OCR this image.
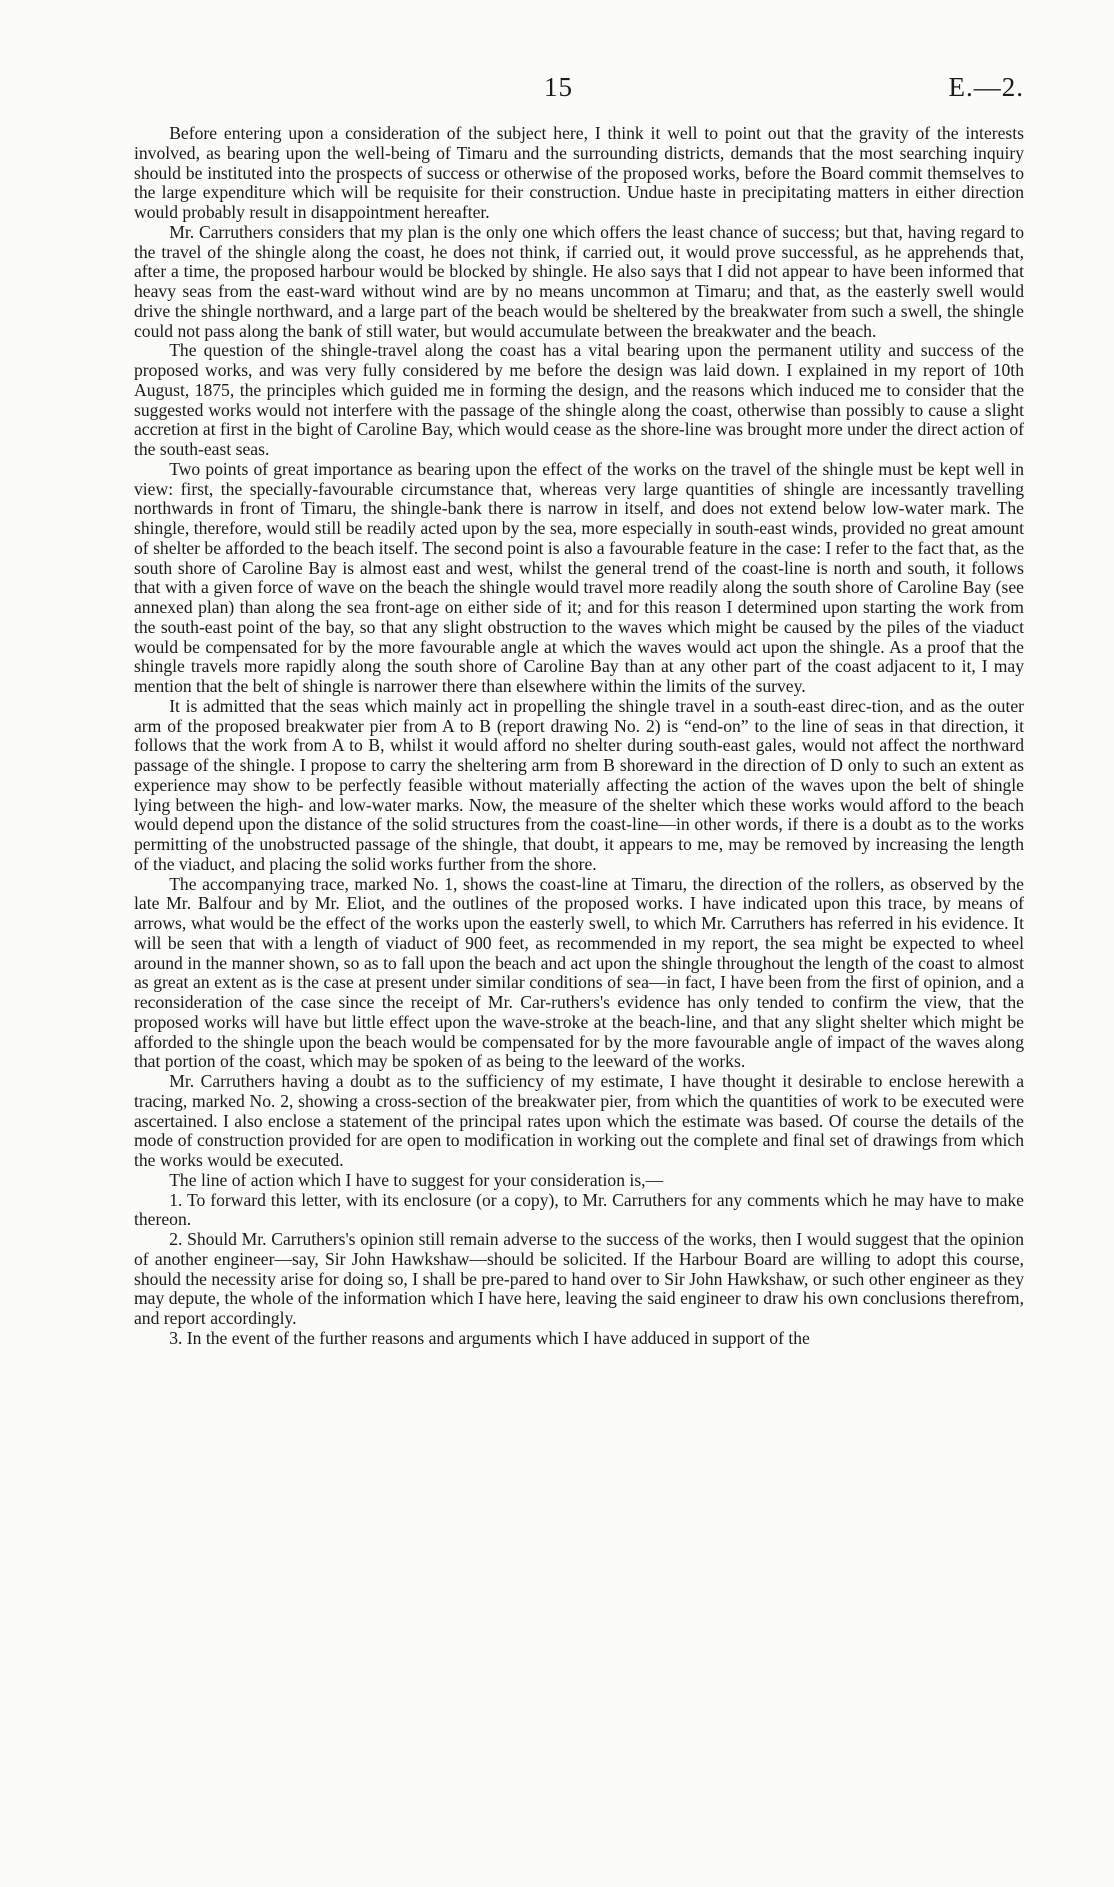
15	E.—2.

Before entering upon a consideration of the subject here, I think it well to point out that the gravity of the interests involved, as bearing upon the well-being of Timaru and the surrounding districts, demands that the most searching inquiry should be instituted into the prospects of success or otherwise of the proposed works, before the Board commit themselves to the large expenditure which will be requisite for their construction. Undue haste in precipitating matters in either direction would probably result in disappointment hereafter.

Mr. Carruthers considers that my plan is the only one which offers the least chance of success; but that, having regard to the travel of the shingle along the coast, he does not think, if carried out, it would prove successful, as he apprehends that, after a time, the proposed harbour would be blocked by shingle. He also says that I did not appear to have been informed that heavy seas from the east-ward without wind are by no means uncommon at Timaru; and that, as the easterly swell would drive the shingle northward, and a large part of the beach would be sheltered by the breakwater from such a swell, the shingle could not pass along the bank of still water, but would accumulate between the breakwater and the beach.

The question of the shingle-travel along the coast has a vital bearing upon the permanent utility and success of the proposed works, and was very fully considered by me before the design was laid down. I explained in my report of 10th August, 1875, the principles which guided me in forming the design, and the reasons which induced me to consider that the suggested works would not interfere with the passage of the shingle along the coast, otherwise than possibly to cause a slight accretion at first in the bight of Caroline Bay, which would cease as the shore-line was brought more under the direct action of the south-east seas.

Two points of great importance as bearing upon the effect of the works on the travel of the shingle must be kept well in view: first, the specially-favourable circumstance that, whereas very large quantities of shingle are incessantly travelling northwards in front of Timaru, the shingle-bank there is narrow in itself, and does not extend below low-water mark. The shingle, therefore, would still be readily acted upon by the sea, more especially in south-east winds, provided no great amount of shelter be afforded to the beach itself. The second point is also a favourable feature in the case: I refer to the fact that, as the south shore of Caroline Bay is almost east and west, whilst the general trend of the coast-line is north and south, it follows that with a given force of wave on the beach the shingle would travel more readily along the south shore of Caroline Bay (see annexed plan) than along the sea front-age on either side of it; and for this reason I determined upon starting the work from the south-east point of the bay, so that any slight obstruction to the waves which might be caused by the piles of the viaduct would be compensated for by the more favourable angle at which the waves would act upon the shingle. As a proof that the shingle travels more rapidly along the south shore of Caroline Bay than at any other part of the coast adjacent to it, I may mention that the belt of shingle is narrower there than elsewhere within the limits of the survey.

It is admitted that the seas which mainly act in propelling the shingle travel in a south-east direc-tion, and as the outer arm of the proposed breakwater pier from A to B (report drawing No. 2) is “end-on” to the line of seas in that direction, it follows that the work from A to B, whilst it would afford no shelter during south-east gales, would not affect the northward passage of the shingle. I propose to carry the sheltering arm from B shoreward in the direction of D only to such an extent as experience may show to be perfectly feasible without materially affecting the action of the waves upon the belt of shingle lying between the high- and low-water marks. Now, the measure of the shelter which these works would afford to the beach would depend upon the distance of the solid structures from the coast-line—in other words, if there is a doubt as to the works permitting of the unobstructed passage of the shingle, that doubt, it appears to me, may be removed by increasing the length of the viaduct, and placing the solid works further from the shore.

The accompanying trace, marked No. 1, shows the coast-line at Timaru, the direction of the rollers, as observed by the late Mr. Balfour and by Mr. Eliot, and the outlines of the proposed works. I have indicated upon this trace, by means of arrows, what would be the effect of the works upon the easterly swell, to which Mr. Carruthers has referred in his evidence. It will be seen that with a length of viaduct of 900 feet, as recommended in my report, the sea might be expected to wheel around in the manner shown, so as to fall upon the beach and act upon the shingle throughout the length of the coast to almost as great an extent as is the case at present under similar conditions of sea—in fact, I have been from the first of opinion, and a reconsideration of the case since the receipt of Mr. Car-ruthers's evidence has only tended to confirm the view, that the proposed works will have but little effect upon the wave-stroke at the beach-line, and that any slight shelter which might be afforded to the shingle upon the beach would be compensated for by the more favourable angle of impact of the waves along that portion of the coast, which may be spoken of as being to the leeward of the works.

Mr. Carruthers having a doubt as to the sufficiency of my estimate, I have thought it desirable to enclose herewith a tracing, marked No. 2, showing a cross-section of the breakwater pier, from which the quantities of work to be executed were ascertained. I also enclose a statement of the principal rates upon which the estimate was based. Of course the details of the mode of construction provided for are open to modification in working out the complete and final set of drawings from which the works would be executed.

The line of action which I have to suggest for your consideration is,—

1. To forward this letter, with its enclosure (or a copy), to Mr. Carruthers for any comments which he may have to make thereon.

2. Should Mr. Carruthers's opinion still remain adverse to the success of the works, then I would suggest that the opinion of another engineer—say, Sir John Hawkshaw—should be solicited. If the Harbour Board are willing to adopt this course, should the necessity arise for doing so, I shall be pre-pared to hand over to Sir John Hawkshaw, or such other engineer as they may depute, the whole of the information which I have here, leaving the said engineer to draw his own conclusions therefrom, and report accordingly.

3. In the event of the further reasons and arguments which I have adduced in support of the
